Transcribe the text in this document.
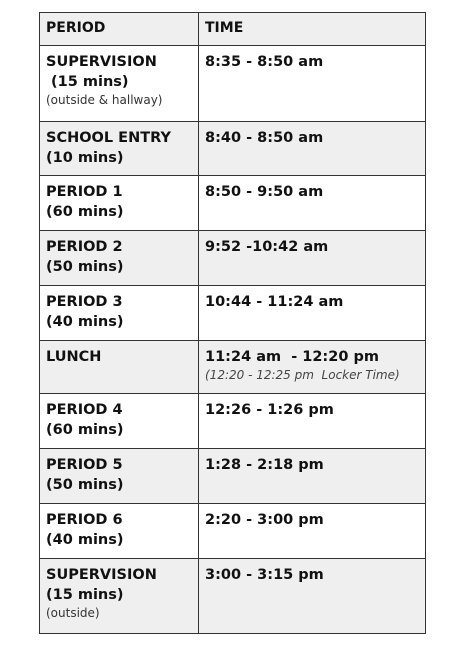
PERIOD	TIME

SUPERVISION
(15 mins)
(outside & hallway)	8:35 - 8:50 am

SCHOOL ENTRY
(10 mins)	8:40 - 8:50 am

PERIOD 1
(60 mins)	8:50 - 9:50 am

PERIOD 2
(50 mins)	9:52 -10:42 am

PERIOD 3
(40 mins)	10:44 - 11:24 am

LUNCH	11:24 am  - 12:20 pm
(12:20 - 12:25 pm  Locker Time)

PERIOD 4
(60 mins)	12:26 - 1:26 pm

PERIOD 5
(50 mins)	1:28 - 2:18 pm

PERIOD 6
(40 mins)	2:20 - 3:00 pm

SUPERVISION
(15 mins)
(outside)	3:00 - 3:15 pm
